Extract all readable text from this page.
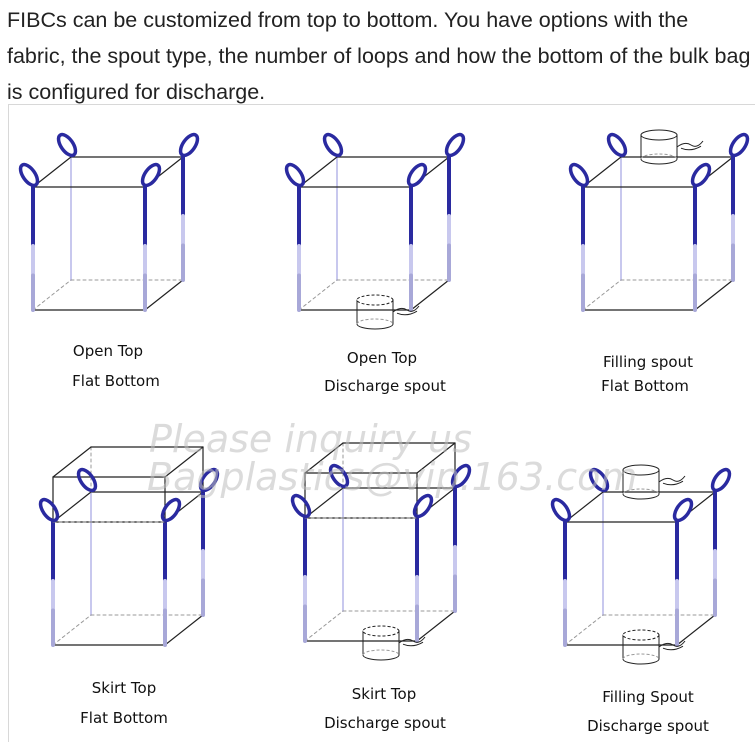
FIBCs can be customized from top to bottom. You have options with the fabric, the spout type, the number of loops and how the bottom of the bulk bag is configured for discharge.
Open Top
Flat Bottom
Open Top
Discharge spout
Filling spout
Flat Bottom
Skirt Top
Flat Bottom
Skirt Top
Discharge spout
Filling Spout
Discharge spout
Please inquiry us
Bagplastics@vip.163.com
